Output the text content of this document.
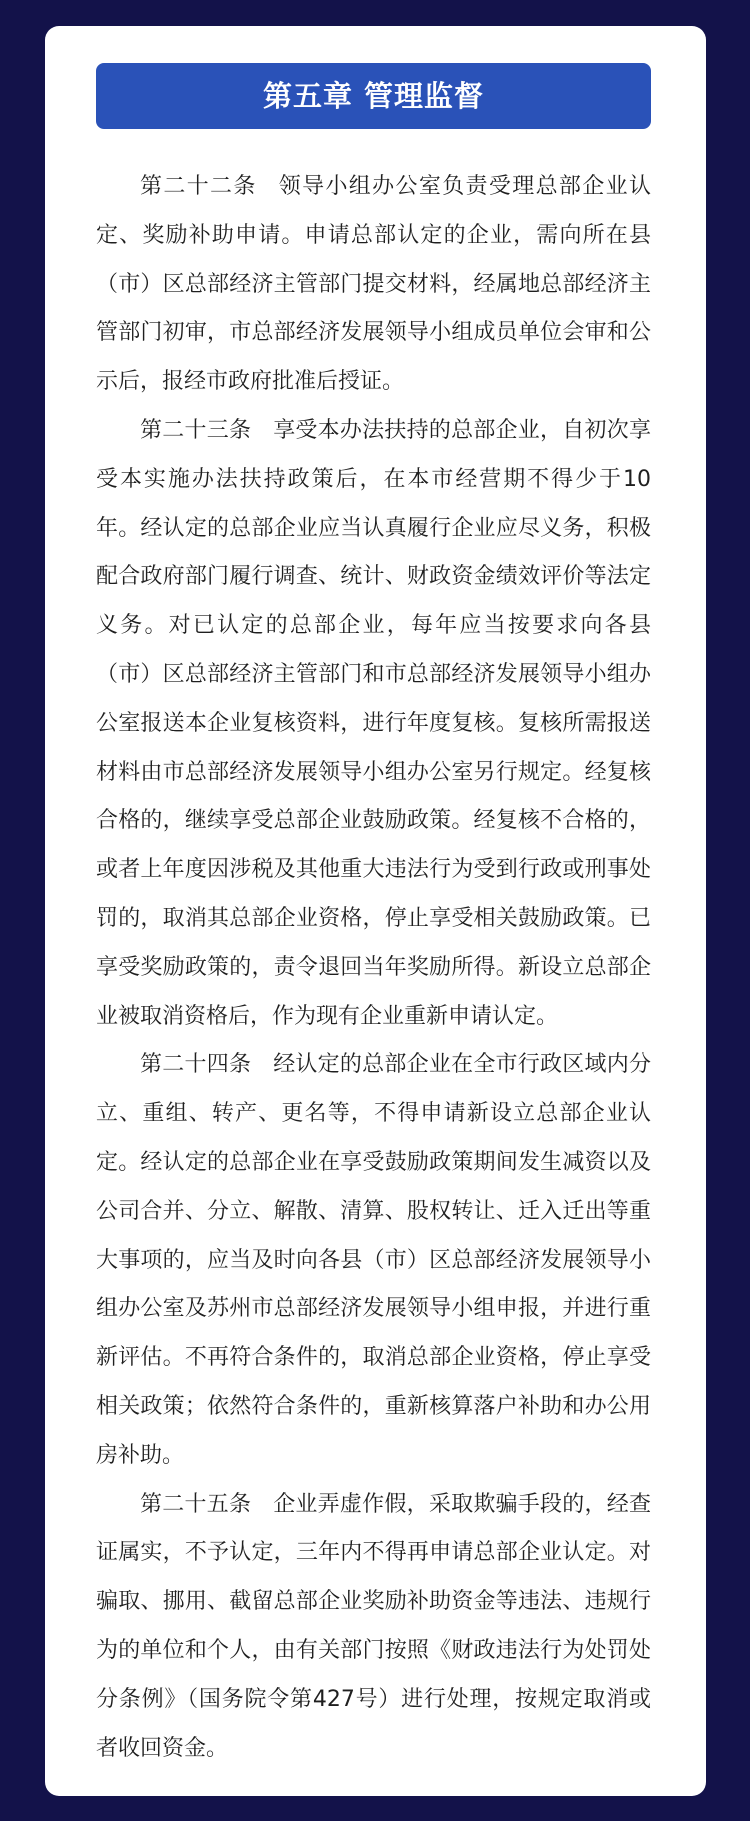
第五章 管理监督

第二十二条 领导小组办公室负责受理总部企业认定、奖励补助申请。申请总部认定的企业，需向所在县（市）区总部经济主管部门提交材料，经属地总部经济主管部门初审，市总部经济发展领导小组成员单位会审和公示后，报经市政府批准后授证。

第二十三条 享受本办法扶持的总部企业，自初次享受本实施办法扶持政策后，在本市经营期不得少于10年。经认定的总部企业应当认真履行企业应尽义务，积极配合政府部门履行调查、统计、财政资金绩效评价等法定义务。对已认定的总部企业，每年应当按要求向各县（市）区总部经济主管部门和市总部经济发展领导小组办公室报送本企业复核资料，进行年度复核。复核所需报送材料由市总部经济发展领导小组办公室另行规定。经复核合格的，继续享受总部企业鼓励政策。经复核不合格的，或者上年度因涉税及其他重大违法行为受到行政或刑事处罚的，取消其总部企业资格，停止享受相关鼓励政策。已享受奖励政策的，责令退回当年奖励所得。新设立总部企业被取消资格后，作为现有企业重新申请认定。

第二十四条 经认定的总部企业在全市行政区域内分立、重组、转产、更名等，不得申请新设立总部企业认定。经认定的总部企业在享受鼓励政策期间发生减资以及公司合并、分立、解散、清算、股权转让、迁入迁出等重大事项的，应当及时向各县（市）区总部经济发展领导小组办公室及苏州市总部经济发展领导小组申报，并进行重新评估。不再符合条件的，取消总部企业资格，停止享受相关政策；依然符合条件的，重新核算落户补助和办公用房补助。

第二十五条 企业弄虚作假，采取欺骗手段的，经查证属实，不予认定，三年内不得再申请总部企业认定。对骗取、挪用、截留总部企业奖励补助资金等违法、违规行为的单位和个人，由有关部门按照《财政违法行为处罚处分条例》（国务院令第427号）进行处理，按规定取消或者收回资金。
